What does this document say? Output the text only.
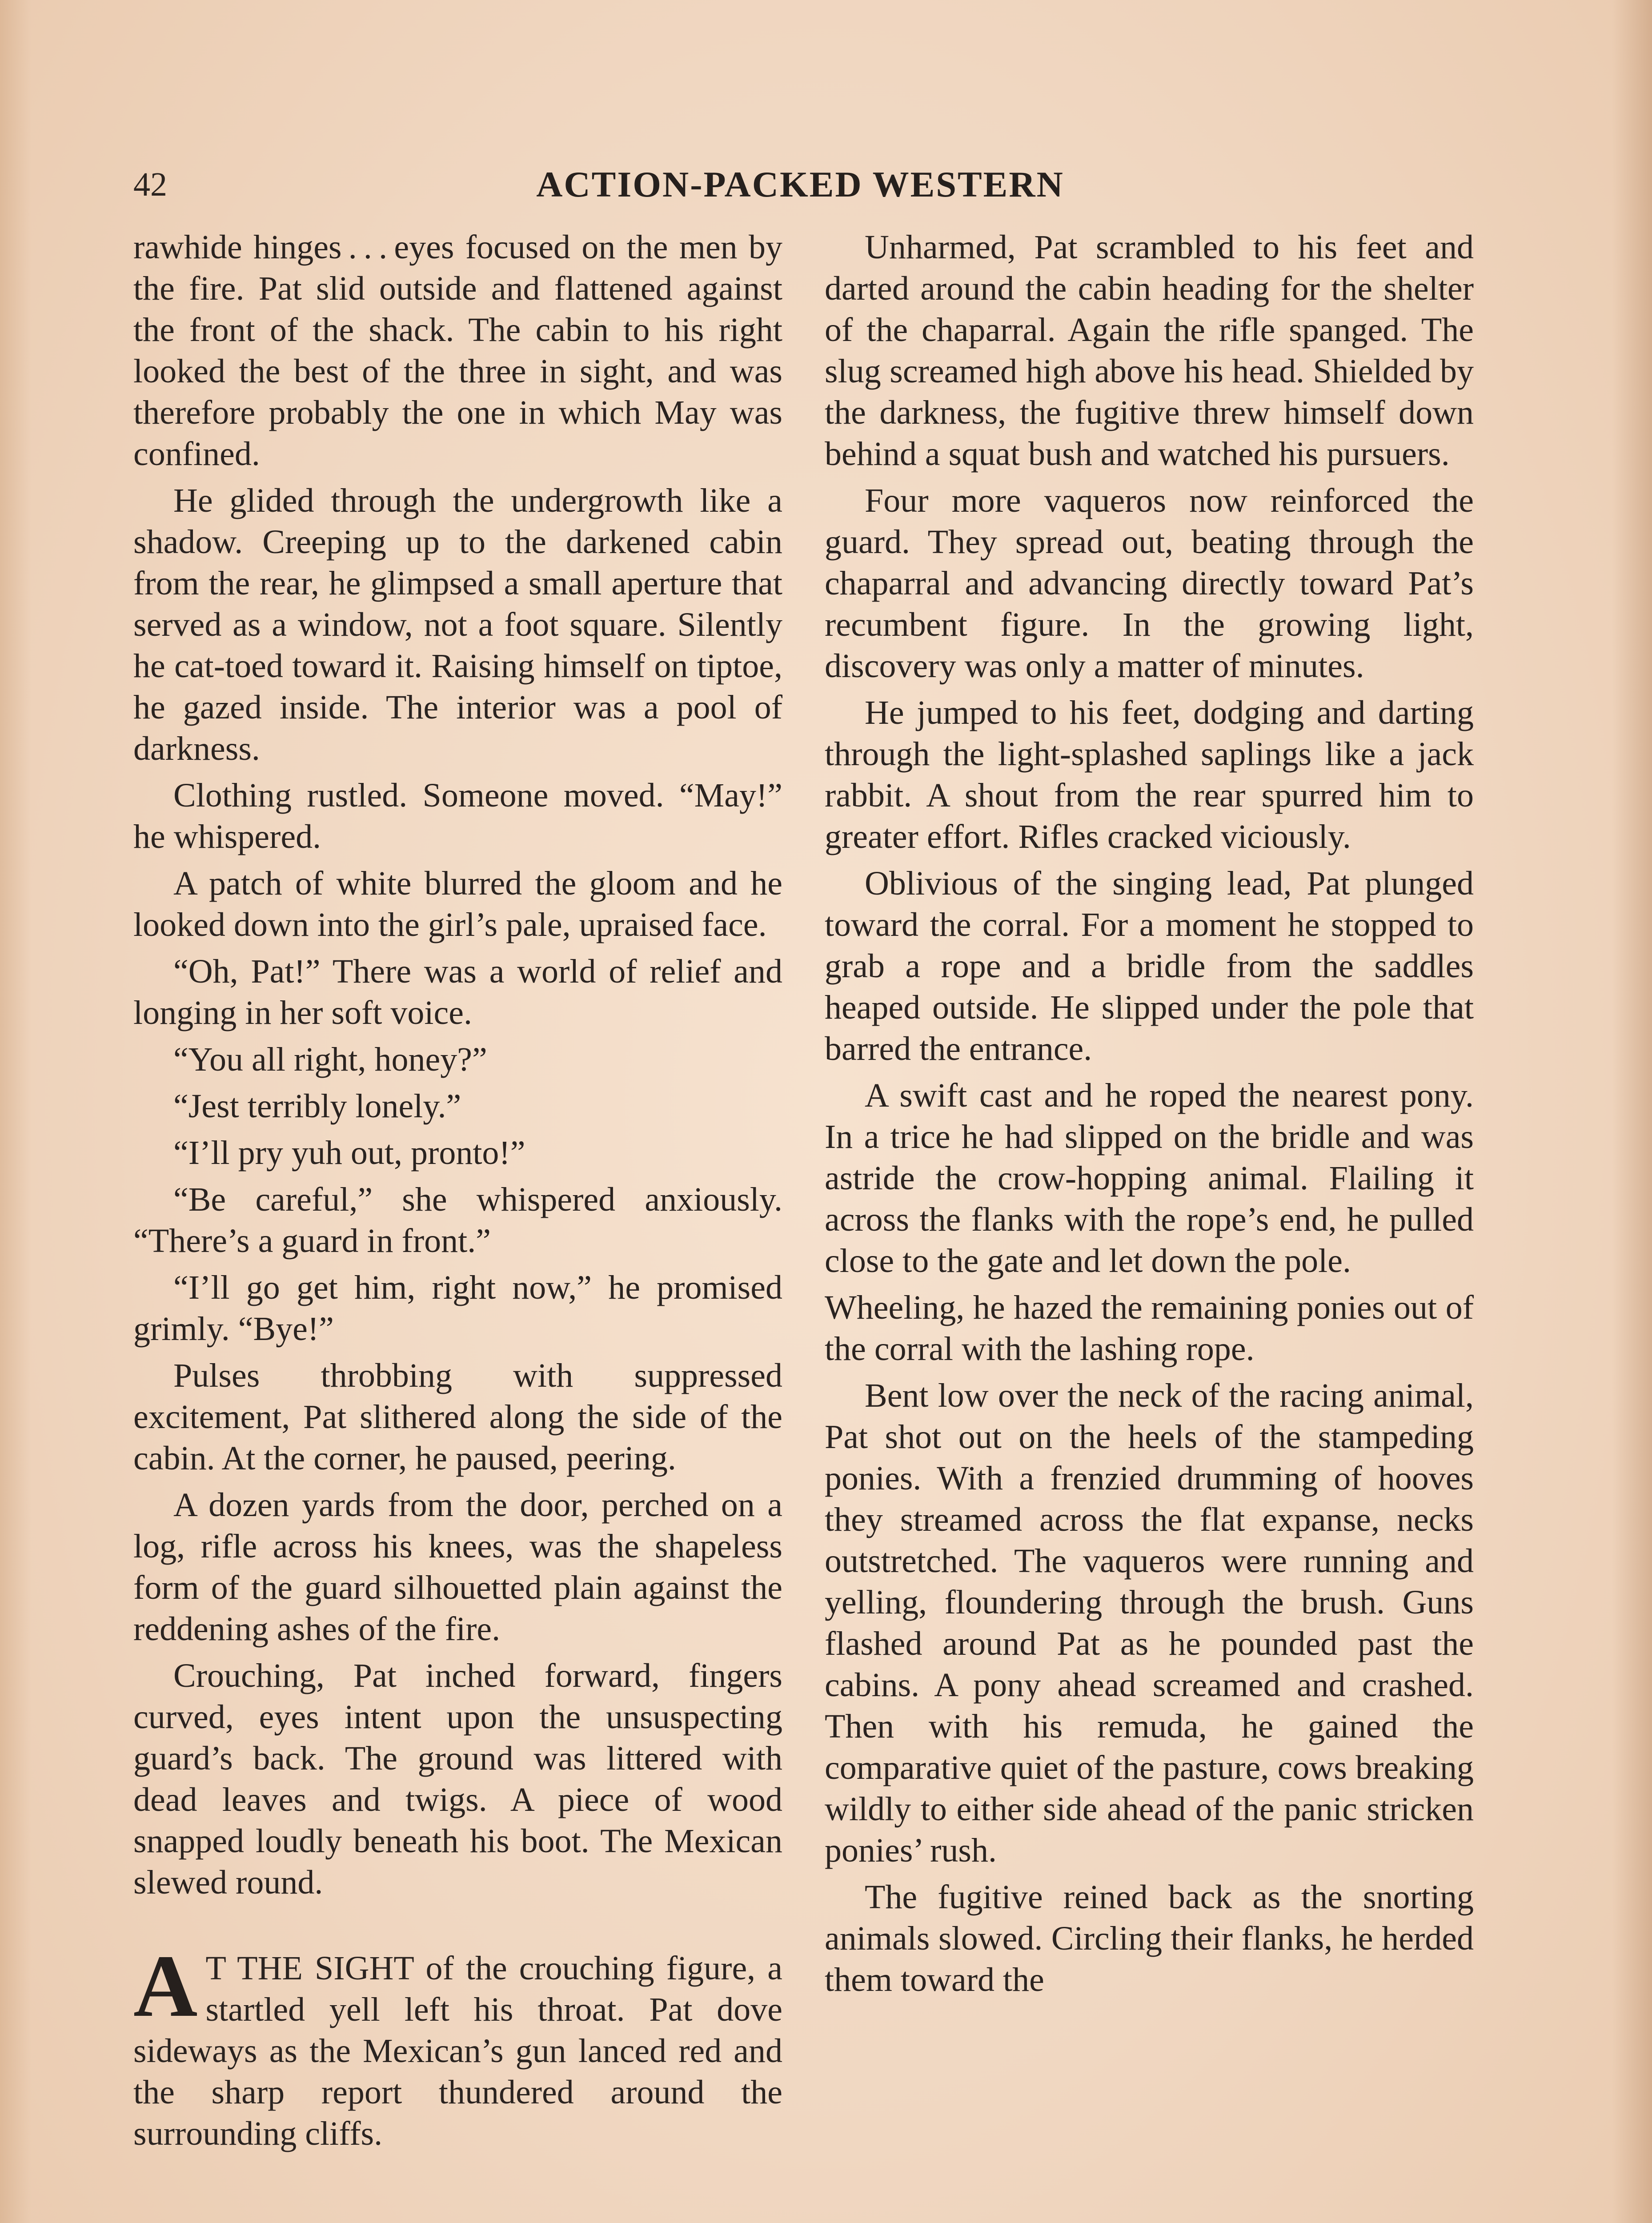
42	ACTION-PACKED WESTERN

rawhide hinges . . . eyes focused on the men by the fire. Pat slid outside and flattened against the front of the shack. The cabin to his right looked the best of the three in sight, and was therefore probably the one in which May was confined.

He glided through the undergrowth like a shadow. Creeping up to the darkened cabin from the rear, he glimpsed a small aperture that served as a window, not a foot square. Silently he cat-toed toward it. Raising himself on tiptoe, he gazed inside. The interior was a pool of darkness.

Clothing rustled. Someone moved. “May!” he whispered.

A patch of white blurred the gloom and he looked down into the girl’s pale, upraised face.

“Oh, Pat!” There was a world of relief and longing in her soft voice.

“You all right, honey?”

“Jest terribly lonely.”

“I’ll pry yuh out, pronto!”

“Be careful,” she whispered anxiously. “There’s a guard in front.”

“I’ll go get him, right now,” he promised grimly. “Bye!”

Pulses throbbing with suppressed excitement, Pat slithered along the side of the cabin. At the corner, he paused, peering.

A dozen yards from the door, perched on a log, rifle across his knees, was the shapeless form of the guard silhouetted plain against the reddening ashes of the fire.

Crouching, Pat inched forward, fingers curved, eyes intent upon the unsuspecting guard’s back. The ground was littered with dead leaves and twigs. A piece of wood snapped loudly beneath his boot. The Mexican slewed round.

A T THE SIGHT of the crouching figure, a startled yell left his throat. Pat dove sideways as the Mexican’s gun lanced red and the sharp report thundered around the surrounding cliffs.

Unharmed, Pat scrambled to his feet and darted around the cabin heading for the shelter of the chaparral. Again the rifle spanged. The slug screamed high above his head. Shielded by the darkness, the fugitive threw himself down behind a squat bush and watched his pursuers.

Four more vaqueros now reinforced the guard. They spread out, beating through the chaparral and advancing directly toward Pat’s recumbent figure. In the growing light, discovery was only a matter of minutes.

He jumped to his feet, dodging and darting through the light-splashed saplings like a jack rabbit. A shout from the rear spurred him to greater effort. Rifles cracked viciously.

Oblivious of the singing lead, Pat plunged toward the corral. For a moment he stopped to grab a rope and a bridle from the saddles heaped outside. He slipped under the pole that barred the entrance.

A swift cast and he roped the nearest pony. In a trice he had slipped on the bridle and was astride the crow-hopping animal. Flailing it across the flanks with the rope’s end, he pulled close to the gate and let down the pole.

Wheeling, he hazed the remaining ponies out of the corral with the lashing rope.

Bent low over the neck of the racing animal, Pat shot out on the heels of the stampeding ponies. With a frenzied drumming of hooves they streamed across the flat expanse, necks outstretched. The vaqueros were running and yelling, floundering through the brush. Guns flashed around Pat as he pounded past the cabins. A pony ahead screamed and crashed. Then with his remuda, he gained the comparative quiet of the pasture, cows breaking wildly to either side ahead of the panic stricken ponies’ rush.

The fugitive reined back as the snorting animals slowed. Circling their flanks, he herded them toward the
